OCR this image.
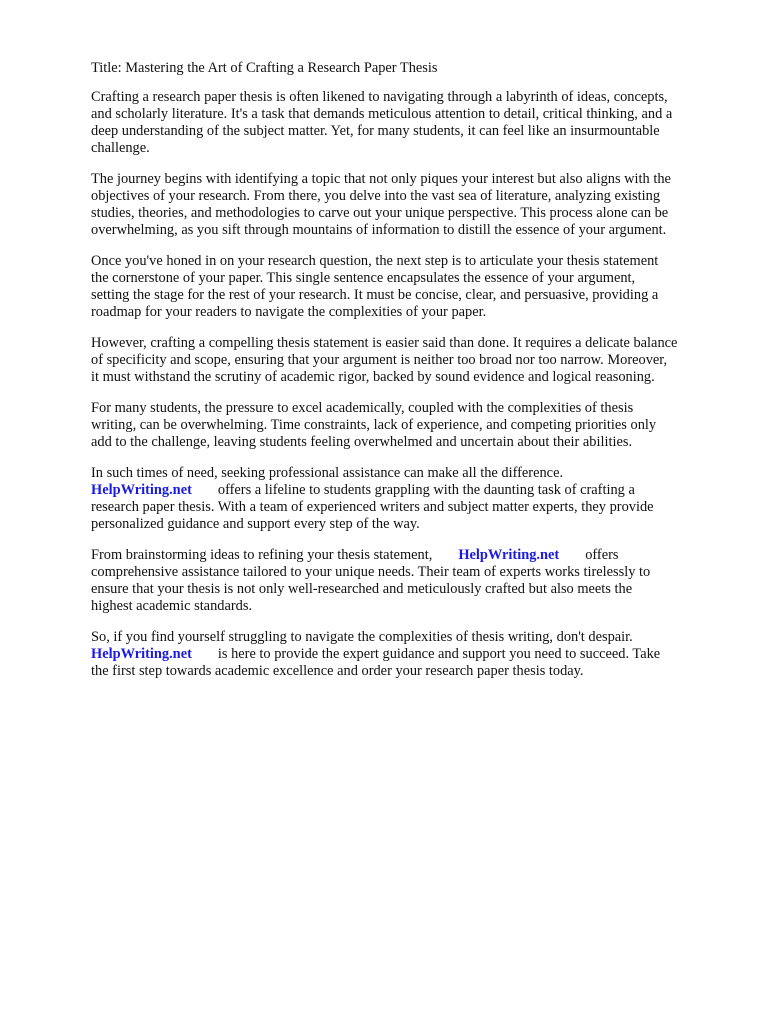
Title: Mastering the Art of Crafting a Research Paper Thesis

Crafting a research paper thesis is often likened to navigating through a labyrinth of ideas, concepts,
and scholarly literature. It's a task that demands meticulous attention to detail, critical thinking, and a
deep understanding of the subject matter. Yet, for many students, it can feel like an insurmountable
challenge.

The journey begins with identifying a topic that not only piques your interest but also aligns with the
objectives of your research. From there, you delve into the vast sea of literature, analyzing existing
studies, theories, and methodologies to carve out your unique perspective. This process alone can be
overwhelming, as you sift through mountains of information to distill the essence of your argument.

Once you've honed in on your research question, the next step is to articulate your thesis statement
the cornerstone of your paper. This single sentence encapsulates the essence of your argument,
setting the stage for the rest of your research. It must be concise, clear, and persuasive, providing a
roadmap for your readers to navigate the complexities of your paper.

However, crafting a compelling thesis statement is easier said than done. It requires a delicate balance
of specificity and scope, ensuring that your argument is neither too broad nor too narrow. Moreover,
it must withstand the scrutiny of academic rigor, backed by sound evidence and logical reasoning.

For many students, the pressure to excel academically, coupled with the complexities of thesis
writing, can be overwhelming. Time constraints, lack of experience, and competing priorities only
add to the challenge, leaving students feeling overwhelmed and uncertain about their abilities.

In such times of need, seeking professional assistance can make all the difference.
HelpWriting.net offers a lifeline to students grappling with the daunting task of crafting a
research paper thesis. With a team of experienced writers and subject matter experts, they provide
personalized guidance and support every step of the way.

From brainstorming ideas to refining your thesis statement, HelpWriting.net offers
comprehensive assistance tailored to your unique needs. Their team of experts works tirelessly to
ensure that your thesis is not only well-researched and meticulously crafted but also meets the
highest academic standards.

So, if you find yourself struggling to navigate the complexities of thesis writing, don't despair.
HelpWriting.net is here to provide the expert guidance and support you need to succeed. Take
the first step towards academic excellence and order your research paper thesis today.
